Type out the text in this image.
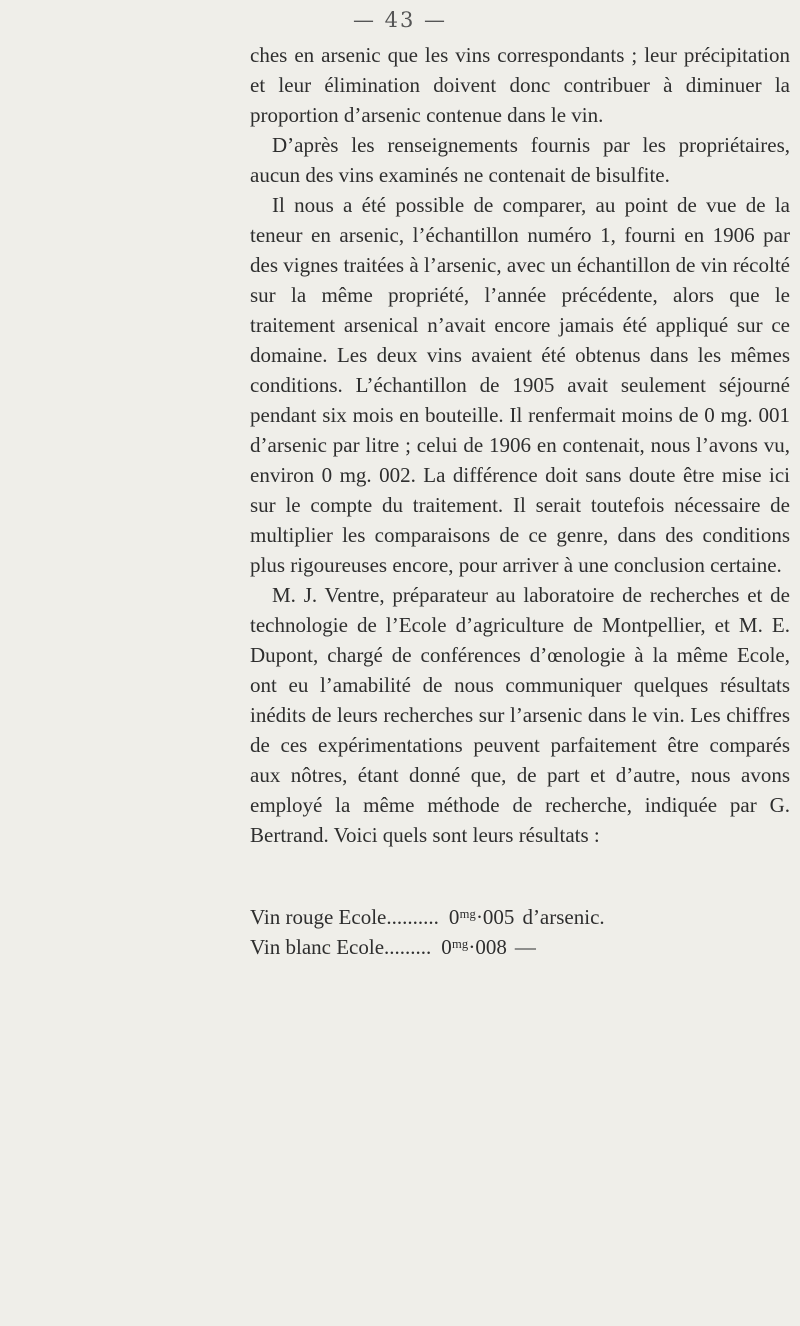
— 43 —

ches en arsenic que les vins correspondants ; leur précipitation et leur élimination doivent donc contribuer à diminuer la proportion d’arsenic contenue dans le vin.

D’après les renseignements fournis par les propriétaires, aucun des vins examinés ne contenait de bisulfite.

Il nous a été possible de comparer, au point de vue de la teneur en arsenic, l’échantillon numéro 1, fourni en 1906 par des vignes traitées à l’arsenic, avec un échantillon de vin récolté sur la même propriété, l’année précédente, alors que le traitement arsenical n’avait encore jamais été appliqué sur ce domaine. Les deux vins avaient été obtenus dans les mêmes conditions. L’échantillon de 1905 avait seulement séjourné pendant six mois en bouteille. Il renfermait moins de 0 mg. 001 d’arsenic par litre ; celui de 1906 en contenait, nous l’avons vu, environ 0 mg. 002. La différence doit sans doute être mise ici sur le compte du traitement. Il serait toutefois nécessaire de multiplier les comparaisons de ce genre, dans des conditions plus rigoureuses encore, pour arriver à une conclusion certaine.

M. J. Ventre, préparateur au laboratoire de recherches et de technologie de l’Ecole d’agriculture de Montpellier, et M. E. Dupont, chargé de conférences d’œnologie à la même Ecole, ont eu l’amabilité de nous communiquer quelques résultats inédits de leurs recherches sur l’arsenic dans le vin. Les chiffres de ces expérimentations peuvent parfaitement être comparés aux nôtres, étant donné que, de part et d’autre, nous avons employé la même méthode de recherche, indiquée par G. Bertrand. Voici quels sont leurs résultats :

Vin rouge Ecole .......... 0ᵐᵍ·005 d’arsenic.
Vin blanc Ecole ......... 0ᵐᵍ·008 —
